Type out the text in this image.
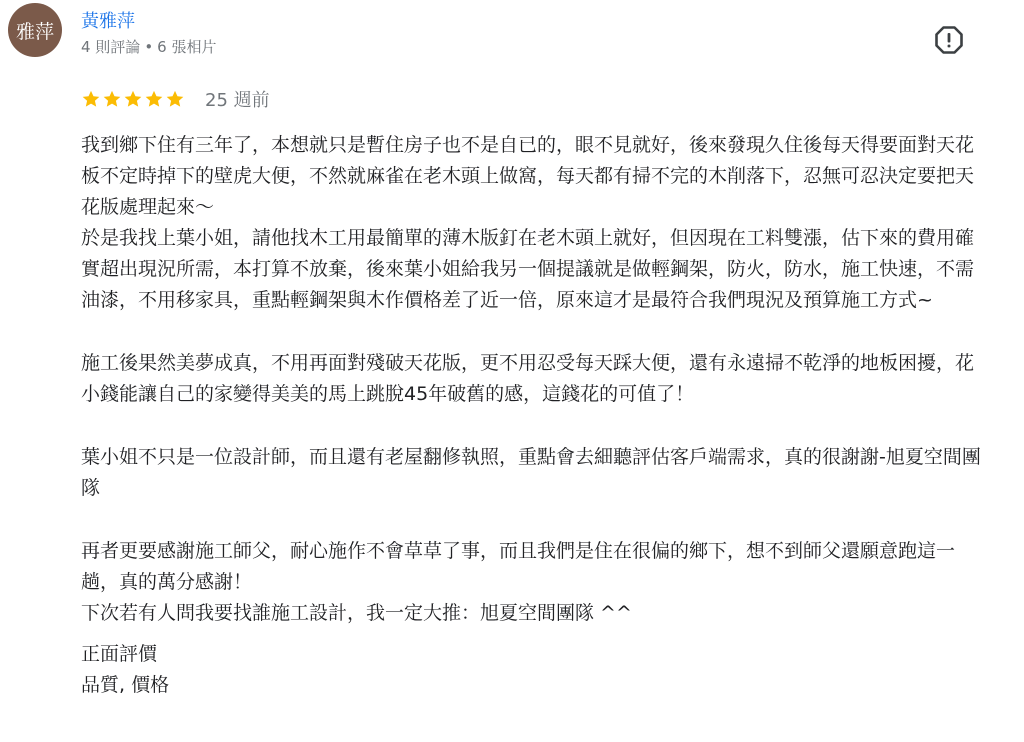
雅萍	黃雅萍
4 則評論 • 6 張相片
25 週前

我到鄉下住有三年了，本想就只是暫住房子也不是自已的，眼不見就好，後來發現久住後每天得要面對天花板不定時掉下的壁虎大便，不然就麻雀在老木頭上做窩，每天都有掃不完的木削落下，忍無可忍決定要把天花版處理起來～

於是我找上葉小姐，請他找木工用最簡單的薄木版釘在老木頭上就好，但因現在工料雙漲，估下來的費用確實超出現況所需，本打算不放棄，後來葉小姐給我另一個提議就是做輕鋼架，防火，防水，施工快速，不需油漆，不用移家具，重點輕鋼架與木作價格差了近一倍，原來這才是最符合我們現況及預算施工方式~

施工後果然美夢成真，不用再面對殘破天花版，更不用忍受每天踩大便，還有永遠掃不乾淨的地板困擾，花小錢能讓自己的家變得美美的馬上跳脫45年破舊的感，這錢花的可值了！

葉小姐不只是一位設計師，而且還有老屋翻修執照，重點會去細聽評估客戶端需求，真的很謝謝-旭夏空間團隊

再者更要感謝施工師父，耐心施作不會草草了事，而且我們是住在很偏的鄉下，想不到師父還願意跑這一趟，真的萬分感謝！

下次若有人問我要找誰施工設計，我一定大推：旭夏空間團隊 ^^

正面評價

品質, 價格
